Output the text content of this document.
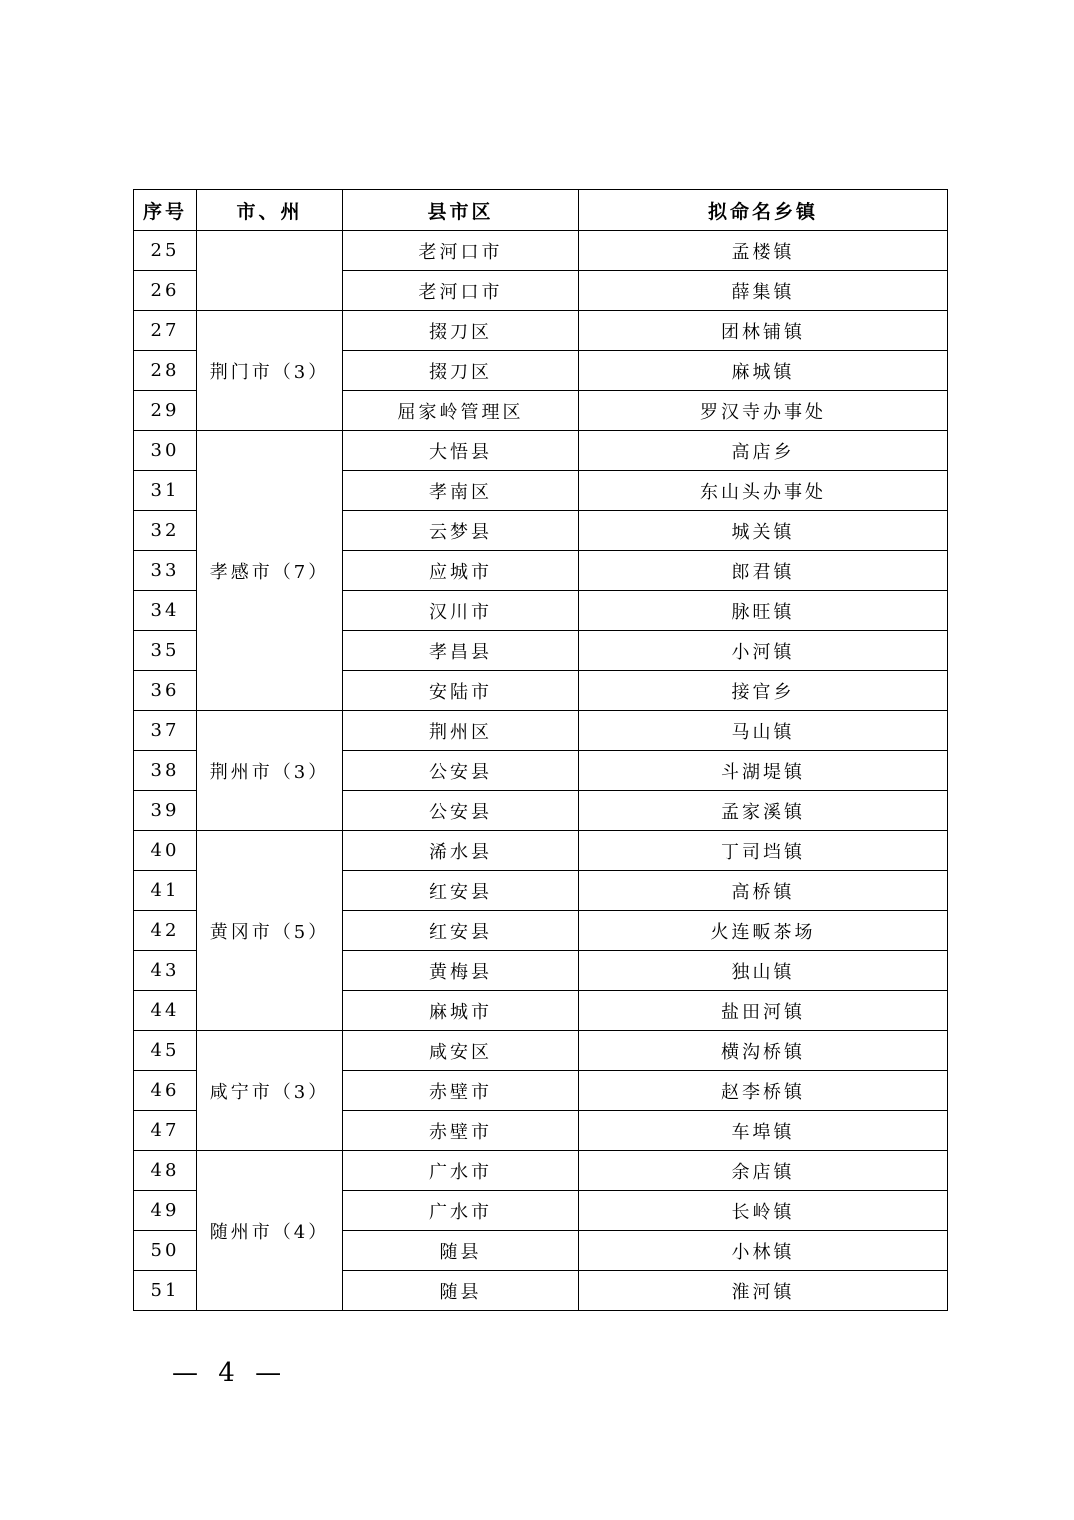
序号	市、州	县市区	拟命名乡镇
25		老河口市	孟楼镇
26		老河口市	薛集镇
27	荆门市（3）	掇刀区	团林铺镇
28		掇刀区	麻城镇
29		屈家岭管理区	罗汉寺办事处
30	孝感市（7）	大悟县	高店乡
31		孝南区	东山头办事处
32		云梦县	城关镇
33		应城市	郎君镇
34		汉川市	脉旺镇
35		孝昌县	小河镇
36		安陆市	接官乡
37	荆州市（3）	荆州区	马山镇
38		公安县	斗湖堤镇
39		公安县	孟家溪镇
40	黄冈市（5）	浠水县	丁司垱镇
41		红安县	高桥镇
42		红安县	火连畈茶场
43		黄梅县	独山镇
44		麻城市	盐田河镇
45	咸宁市（3）	咸安区	横沟桥镇
46		赤壁市	赵李桥镇
47		赤壁市	车埠镇
48	随州市（4）	广水市	余店镇
49		广水市	长岭镇
50		随县	小林镇
51		随县	淮河镇
— 4 —
